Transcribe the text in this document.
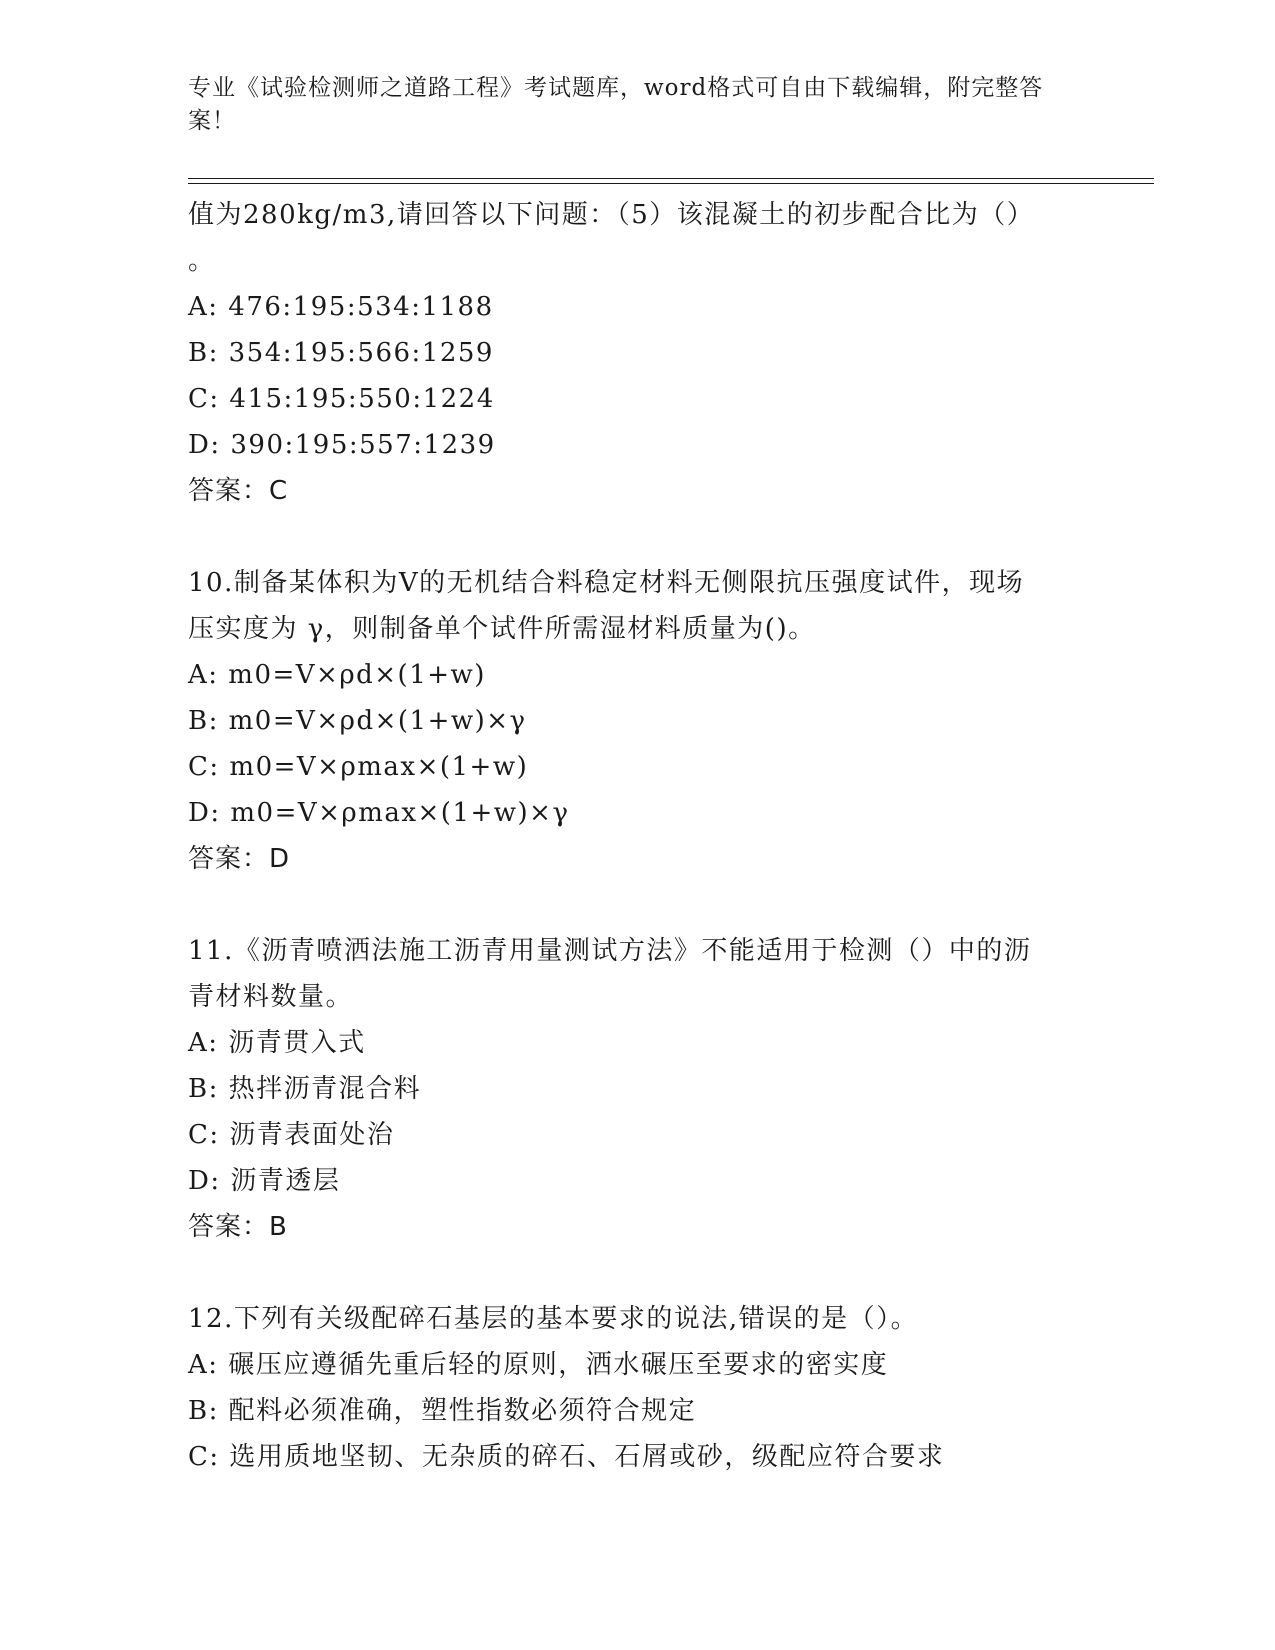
专业《试验检测师之道路工程》考试题库，word格式可自由下载编辑，附完整答案！
值为280kg/m3,请回答以下问题：（5）该混凝土的初步配合比为（）
。
A: 476:195:534:1188
B: 354:195:566:1259
C: 415:195:550:1224
D: 390:195:557:1239
答案：C
10.制备某体积为V的无机结合料稳定材料无侧限抗压强度试件，现场
压实度为 γ，则制备单个试件所需湿材料质量为()。
A: m0=V×ρd×(1+w)
B: m0=V×ρd×(1+w)×γ
C: m0=V×ρmax×(1+w)
D: m0=V×ρmax×(1+w)×γ
答案：D
11.《沥青喷洒法施工沥青用量测试方法》不能适用于检测（）中的沥
青材料数量。
A: 沥青贯入式
B: 热拌沥青混合料
C: 沥青表面处治
D: 沥青透层
答案：B
12.下列有关级配碎石基层的基本要求的说法,错误的是（）。
A: 碾压应遵循先重后轻的原则，洒水碾压至要求的密实度
B: 配料必须准确，塑性指数必须符合规定
C: 选用质地坚韧、无杂质的碎石、石屑或砂，级配应符合要求
